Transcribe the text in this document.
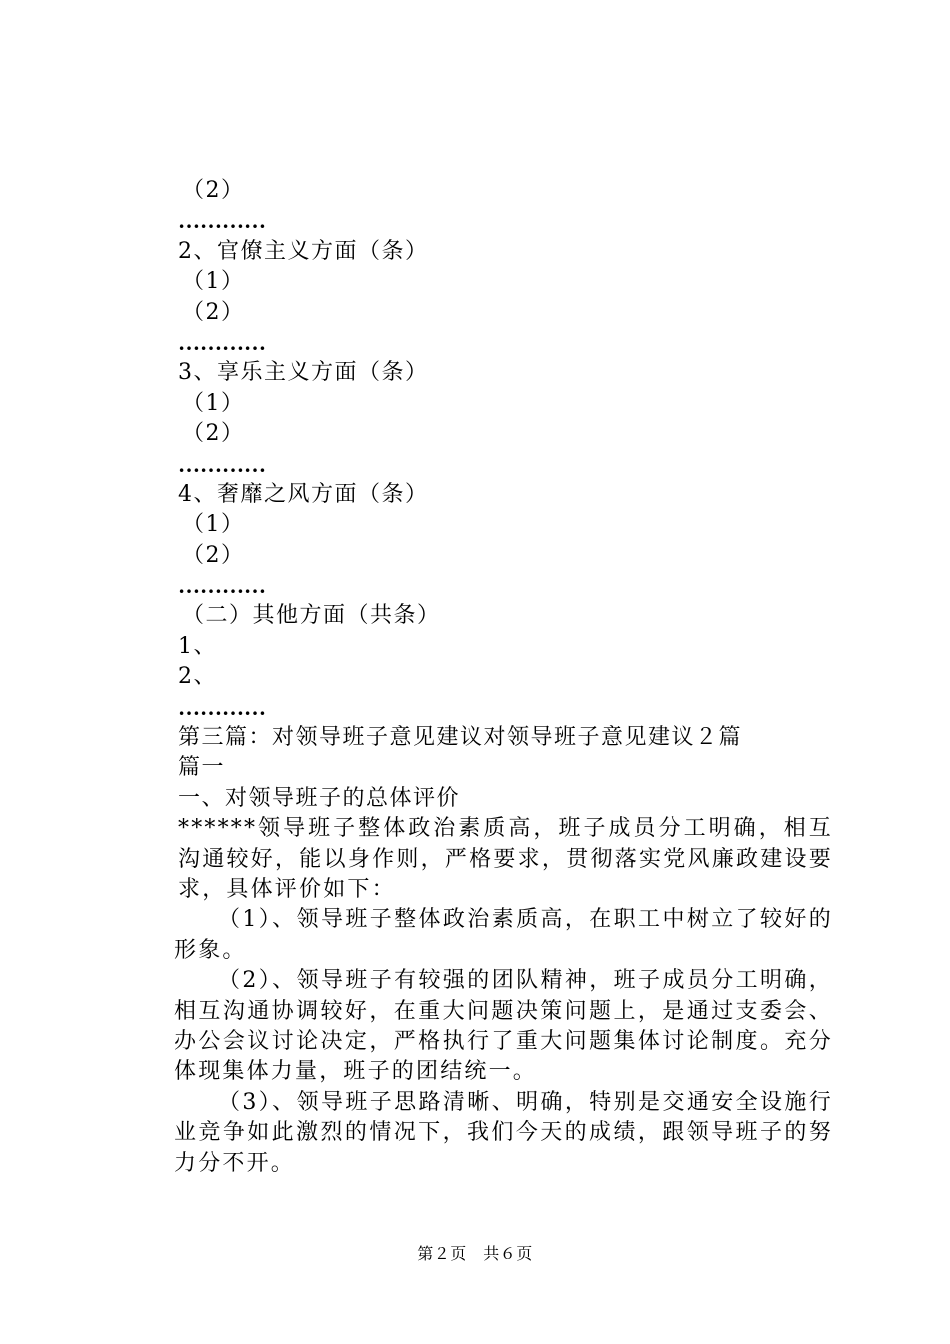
（2）
…………
2、官僚主义方面（条）
（1）
（2）
…………
3、享乐主义方面（条）
（1）
（2）
…………
4、奢靡之风方面（条）
（1）
（2）
…………
（二）其他方面（共条）
1、
2、
…………
第三篇：对领导班子意见建议对领导班子意见建议２篇
篇一
一、对领导班子的总体评价

******领导班子整体政治素质高，班子成员分工明确，相互沟通较好，能以身作则，严格要求，贯彻落实党风廉政建设要求，具体评价如下：

（1）、领导班子整体政治素质高，在职工中树立了较好的形象。

（2）、领导班子有较强的团队精神，班子成员分工明确，相互沟通协调较好，在重大问题决策问题上，是通过支委会、办公会议讨论决定，严格执行了重大问题集体讨论制度。充分体现集体力量，班子的团结统一。

（3）、领导班子思路清晰、明确，特别是交通安全设施行业竞争如此激烈的情况下，我们今天的成绩，跟领导班子的努力分不开。

第２页　共６页
